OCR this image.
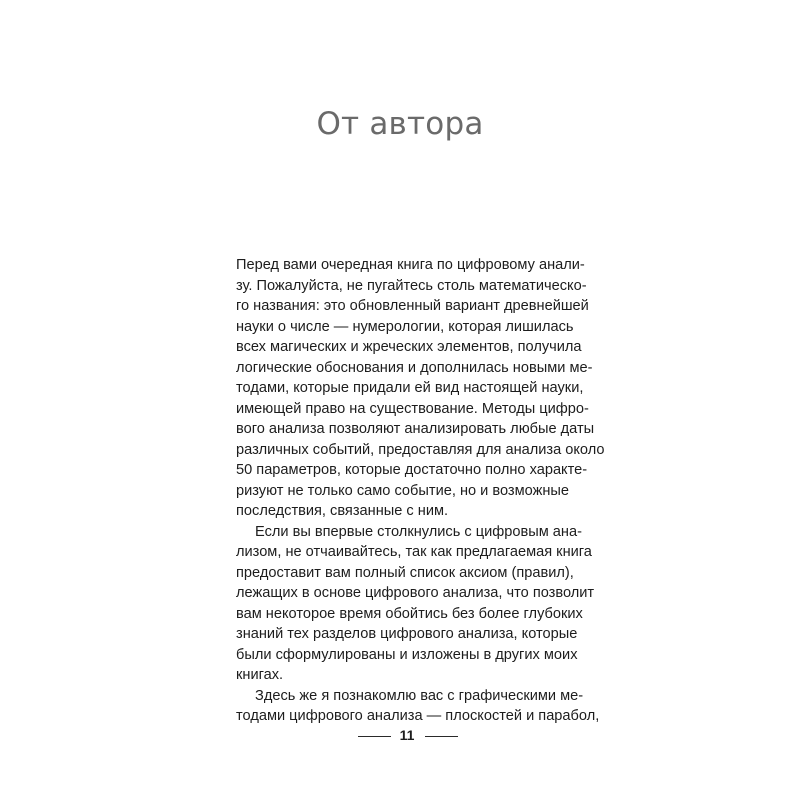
От автора
Перед вами очередная книга по цифровому анали-
зу. Пожалуйста, не пугайтесь столь математическо-
го названия: это обновленный вариант древнейшей
науки о числе — нумерологии, которая лишилась
всех магических и жреческих элементов, получила
логические обоснования и дополнилась новыми ме-
тодами, которые придали ей вид настоящей науки,
имеющей право на существование. Методы цифро-
вого анализа позволяют анализировать любые даты
различных событий, предоставляя для анализа около
50 параметров, которые достаточно полно характе-
ризуют не только само событие, но и возможные
последствия, связанные с ним.
Если вы впервые столкнулись с цифровым ана-
лизом, не отчаивайтесь, так как предлагаемая книга
предоставит вам полный список аксиом (правил),
лежащих в основе цифрового анализа, что позволит
вам некоторое время обойтись без более глубоких
знаний тех разделов цифрового анализа, которые
были сформулированы и изложены в других моих
книгах.
Здесь же я познакомлю вас с графическими ме-
тодами цифрового анализа — плоскостей и парабол,
11
